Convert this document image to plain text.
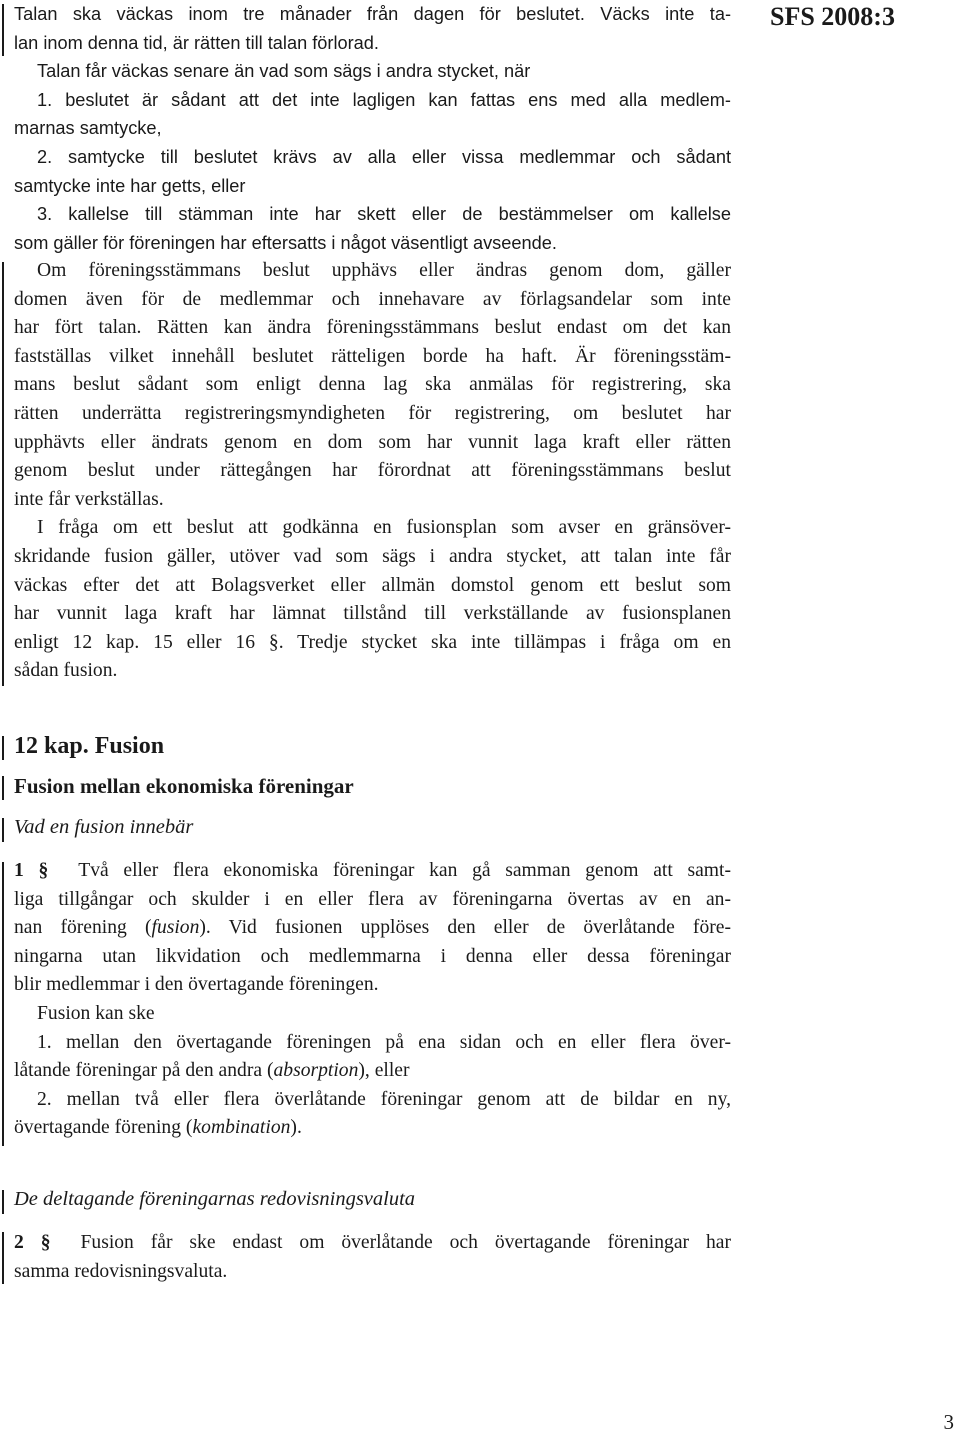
SFS 2008:3
Talan ska väckas inom tre månader från dagen för beslutet. Väcks inte ta-
lan inom denna tid, är rätten till talan förlorad.
Talan får väckas senare än vad som sägs i andra stycket, när
1. beslutet är sådant att det inte lagligen kan fattas ens med alla medlem-
marnas samtycke,
2. samtycke till beslutet krävs av alla eller vissa medlemmar och sådant
samtycke inte har getts, eller
3. kallelse till stämman inte har skett eller de bestämmelser om kallelse
som gäller för föreningen har eftersatts i något väsentligt avseende.
Om föreningsstämmans beslut upphävs eller ändras genom dom, gäller
domen även för de medlemmar och innehavare av förlagsandelar som inte
har fört talan. Rätten kan ändra föreningsstämmans beslut endast om det kan
fastställas vilket innehåll beslutet rätteligen borde ha haft. Är föreningsstäm-
mans beslut sådant som enligt denna lag ska anmälas för registrering, ska
rätten underrätta registreringsmyndigheten för registrering, om beslutet har
upphävts eller ändrats genom en dom som har vunnit laga kraft eller rätten
genom beslut under rättegången har förordnat att föreningsstämmans beslut
inte får verkställas.
I fråga om ett beslut att godkänna en fusionsplan som avser en gränsöver-
skridande fusion gäller, utöver vad som sägs i andra stycket, att talan inte får
väckas efter det att Bolagsverket eller allmän domstol genom ett beslut som
har vunnit laga kraft har lämnat tillstånd till verkställande av fusionsplanen
enligt 12 kap. 15 eller 16 §. Tredje stycket ska inte tillämpas i fråga om en
sådan fusion.
12 kap. Fusion
Fusion mellan ekonomiska föreningar
Vad en fusion innebär
1 § Två eller flera ekonomiska föreningar kan gå samman genom att samt-
liga tillgångar och skulder i en eller flera av föreningarna övertas av en an-
nan förening (fusion). Vid fusionen upplöses den eller de överlåtande före-
ningarna utan likvidation och medlemmarna i denna eller dessa föreningar
blir medlemmar i den övertagande föreningen.
Fusion kan ske
1. mellan den övertagande föreningen på ena sidan och en eller flera över-
låtande föreningar på den andra (absorption), eller
2. mellan två eller flera överlåtande föreningar genom att de bildar en ny,
övertagande förening (kombination).
De deltagande föreningarnas redovisningsvaluta
2 § Fusion får ske endast om överlåtande och övertagande föreningar har
samma redovisningsvaluta.
3
